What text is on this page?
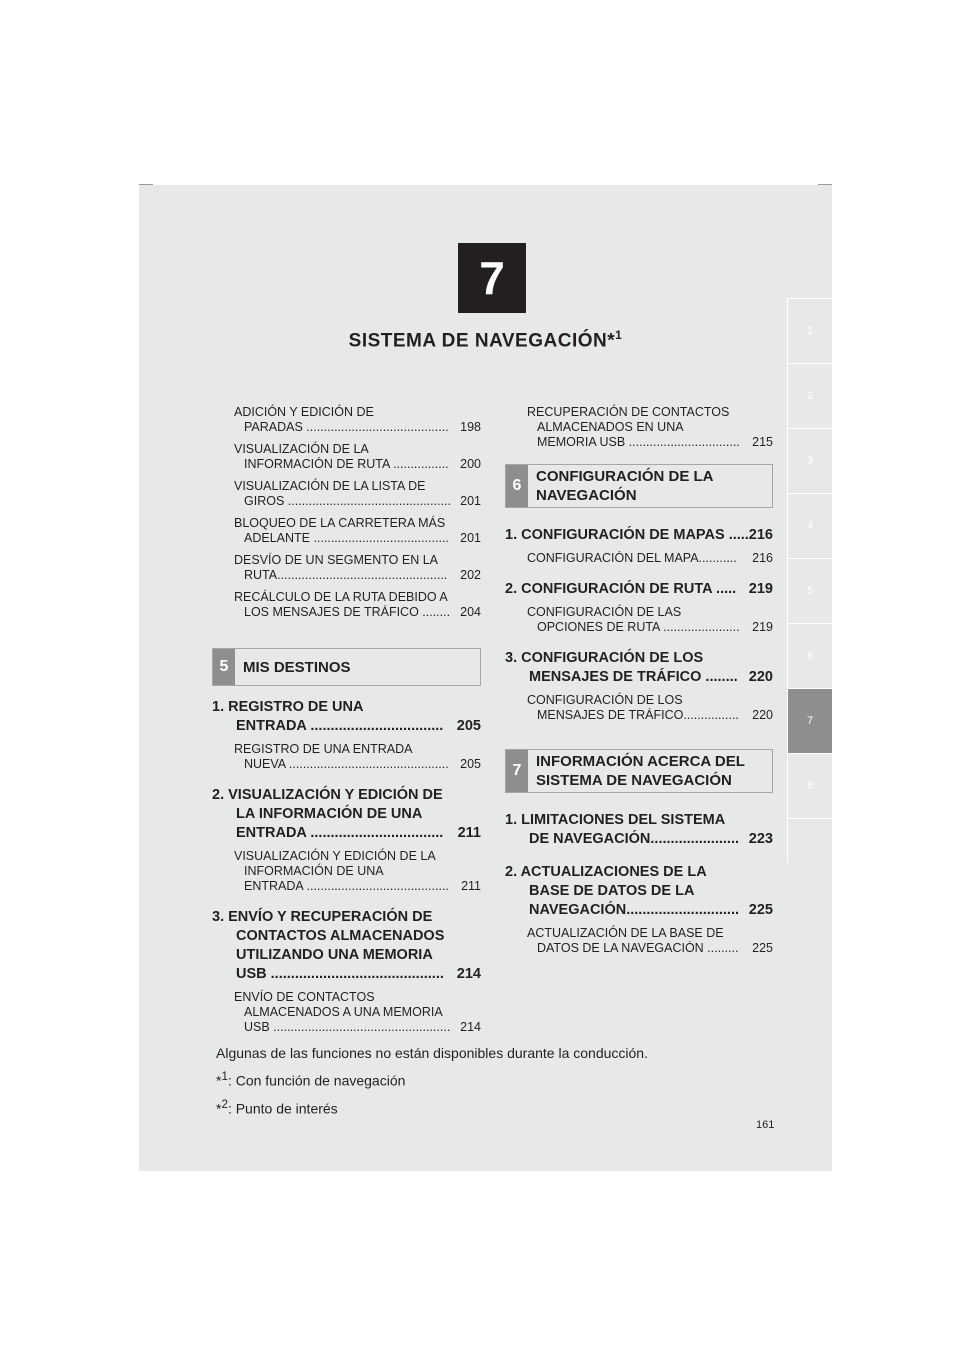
7
SISTEMA DE NAVEGACIÓN*$^1$	1
2
3
4
5
6
7
8
ADICIÓN Y EDICIÓN DE
PARADAS ......................................... 198
VISUALIZACIÓN DE LA
INFORMACIÓN DE RUTA ................ 200
VISUALIZACIÓN DE LA LISTA DE
GIROS ............................................... 201
BLOQUEO DE LA CARRETERA MÁS
ADELANTE ....................................... 201
DESVÍO DE UN SEGMENTO EN LA
RUTA.................................................	202
RECÁLCULO DE LA RUTA DEBIDO A
LOS MENSAJES DE TRÁFICO ........ 204
5 MIS DESTINOS
1. REGISTRO DE UNA
ENTRADA ................................. 205
REGISTRO DE UNA ENTRADA
NUEVA .............................................. 205
2. VISUALIZACIÓN Y EDICIÓN DE
LA INFORMACIÓN DE UNA
ENTRADA ................................. 211
VISUALIZACIÓN Y EDICIÓN DE LA
INFORMACIÓN DE UNA
ENTRADA ......................................... 211
3. ENVÍO Y RECUPERACIÓN DE
CONTACTOS ALMACENADOS
UTILIZANDO UNA MEMORIA
USB ........................................... 214
ENVÍO DE CONTACTOS
ALMACENADOS A UNA MEMORIA
USB ................................................... 214
RECUPERACIÓN DE CONTACTOS
ALMACENADOS EN UNA
MEMORIA USB ................................ 215
6
CONFIGURACIÓN DE LA
NAVEGACIÓN
1. CONFIGURACIÓN DE MAPAS ..... 216
CONFIGURACIÓN DEL MAPA...........	216
2. CONFIGURACIÓN DE RUTA ..... 219
CONFIGURACIÓN DE LAS
OPCIONES DE RUTA ......................	219
3. CONFIGURACIÓN DE LOS
MENSAJES DE TRÁFICO ........ 220
CONFIGURACIÓN DE LOS
MENSAJES DE TRÁFICO................	220
7
INFORMACIÓN ACERCA DEL
SISTEMA DE NAVEGACIÓN
1. LIMITACIONES DEL SISTEMA
DE NAVEGACIÓN...................... 223
2. ACTUALIZACIONES DE LA
BASE DE DATOS DE LA
NAVEGACIÓN............................ 225
ACTUALIZACIÓN DE LA BASE DE
DATOS DE LA NAVEGACIÓN .........	225
Algunas de las funciones no están disponibles durante la conducción.
*$^1$: Con función de navegación
*$^2$: Punto de interés
161
